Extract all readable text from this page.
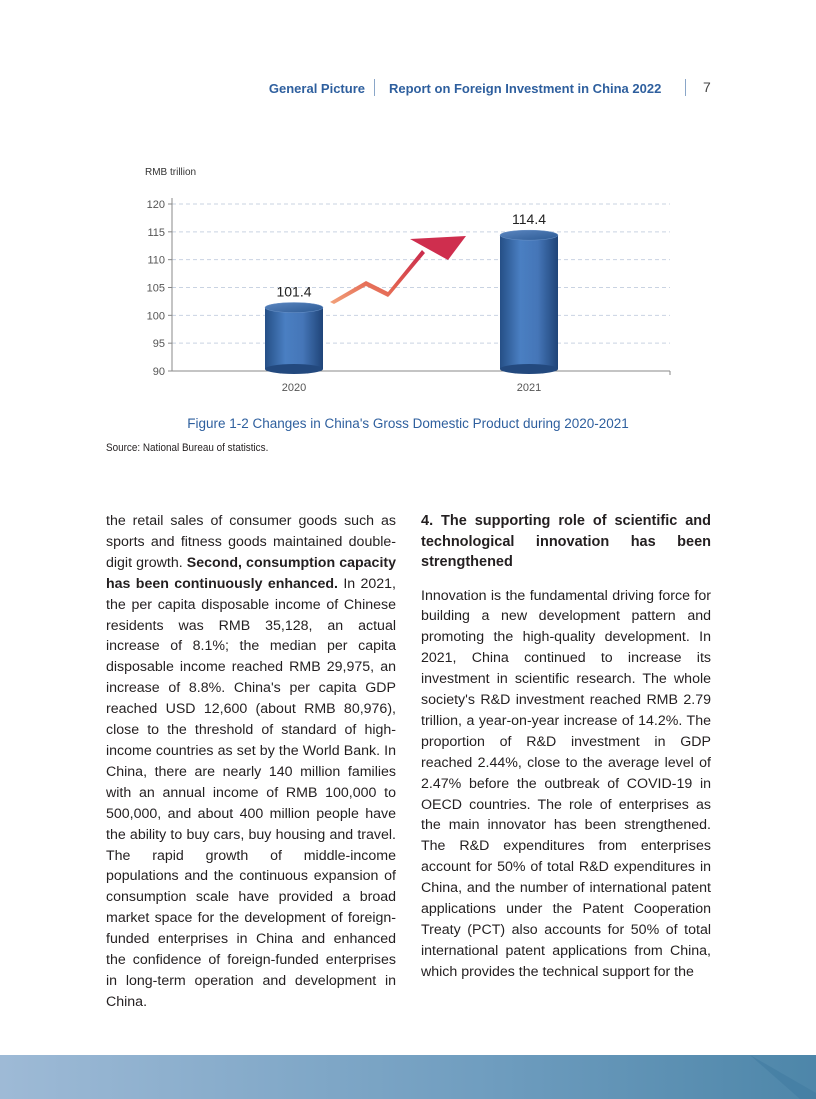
General Picture Report on Foreign Investment in China 2022	7
RMB trillion
90
95
100
105
110
115
120
2020	2021
101.4
114.4
Figure 1-2 Changes in China's Gross Domestic Product during 2020-2021
Source: National Bureau of statistics.

the retail sales of consumer goods such as sports and fitness goods maintained double-digit growth. Second, consumption capacity has been continuously enhanced. In 2021, the per capita disposable income of Chinese residents was RMB 35,128, an actual increase of 8.1%; the median per capita disposable income reached RMB 29,975, an increase of 8.8%. China's per capita GDP reached USD 12,600 (about RMB 80,976), close to the threshold of standard of high-income countries as set by the World Bank. In China, there are nearly 140 million families with an annual income of RMB 100,000 to 500,000, and about 400 million people have the ability to buy cars, buy housing and travel. The rapid growth of middle-income populations and the continuous expansion of consumption scale have provided a broad market space for the development of foreign-funded enterprises in China and enhanced the confidence of foreign-funded enterprises in long-term operation and development in China.

4. The supporting role of scientific and technological innovation has been strengthened

Innovation is the fundamental driving force for building a new development pattern and promoting the high-quality development. In 2021, China continued to increase its investment in scientific research. The whole society's R&D investment reached RMB 2.79 trillion, a year-on-year increase of 14.2%. The proportion of R&D investment in GDP reached 2.44%, close to the average level of 2.47% before the outbreak of COVID-19 in OECD countries. The role of enterprises as the main innovator has been strengthened. The R&D expenditures from enterprises account for 50% of total R&D expenditures in China, and the number of international patent applications under the Patent Cooperation Treaty (PCT) also accounts for 50% of total international patent applications from China, which provides the technical support for the
